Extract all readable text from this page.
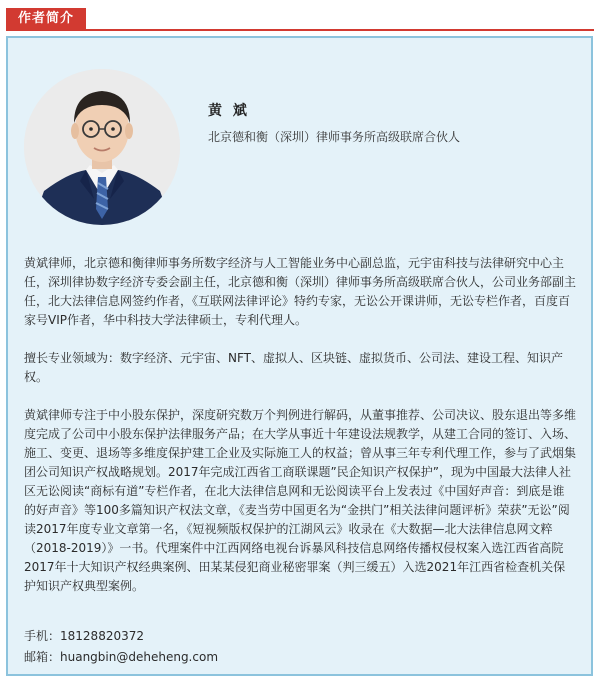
作者简介
黄 斌
北京德和衡（深圳）律师事务所高级联席合伙人

黄斌律师，北京德和衡律师事务所数字经济与人工智能业务中心副总监，元宇宙科技与法律研究中心主任，深圳律协数字经济专委会副主任，北京德和衡（深圳）律师事务所高级联席合伙人，公司业务部副主任，北大法律信息网签约作者，《互联网法律评论》特约专家，无讼公开课讲师，无讼专栏作者，百度百家号VIP作者，华中科技大学法律硕士，专利代理人。

擅长专业领域为：数字经济、元宇宙、NFT、虚拟人、区块链、虚拟货币、公司法、建设工程、知识产权。

黄斌律师专注于中小股东保护，深度研究数万个判例进行解码，从董事推荐、公司决议、股东退出等多维度完成了公司中小股东保护法律服务产品；在大学从事近十年建设法规教学，从建工合同的签订、入场、施工、变更、退场等多维度保护建工企业及实际施工人的权益；曾从事三年专利代理工作，参与了武烟集团公司知识产权战略规划。2017年完成江西省工商联课题”民企知识产权保护”，现为中国最大法律人社区无讼阅读“商标有道”专栏作者，在北大法律信息网和无讼阅读平台上发表过《中国好声音：到底是谁的好声音》等100多篇知识产权法文章，《麦当劳中国更名为“金拱门”相关法律问题评析》荣获”无讼”阅读2017年度专业文章第一名，《短视频版权保护的江湖风云》收录在《大数据—北大法律信息网文粹（2018-2019）》一书。代理案件中江西网络电视台诉暴风科技信息网络传播权侵权案入选江西省高院2017年十大知识产权经典案例、田某某侵犯商业秘密罪案（判三缓五）入选2021年江西省检查机关保护知识产权典型案例。

手机：18128820372
邮箱：huangbin@deheheng.com
